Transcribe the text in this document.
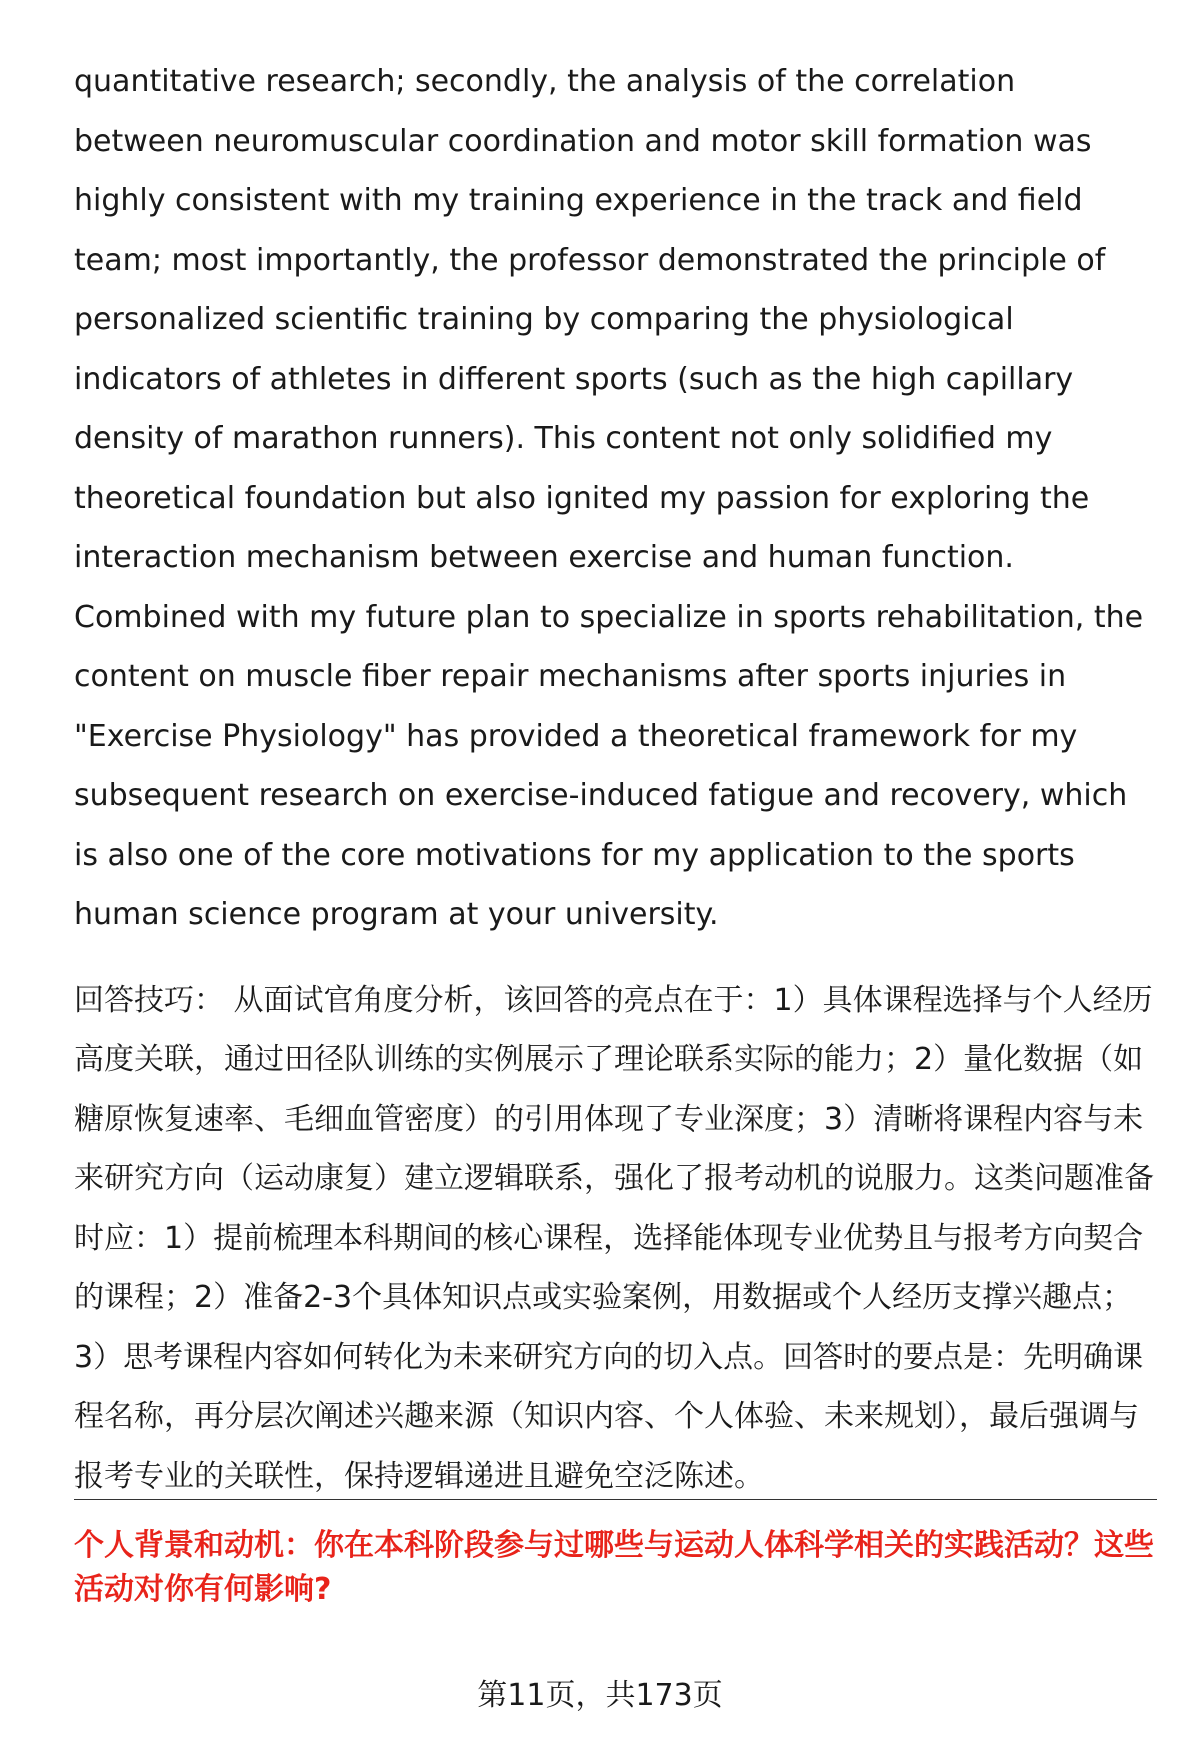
quantitative research; secondly, the analysis of the correlation between neuromuscular coordination and motor skill formation was highly consistent with my training experience in the track and field team; most importantly, the professor demonstrated the principle of personalized scientific training by comparing the physiological indicators of athletes in different sports (such as the high capillary density of marathon runners). This content not only solidified my theoretical foundation but also ignited my passion for exploring the interaction mechanism between exercise and human function. Combined with my future plan to specialize in sports rehabilitation, the content on muscle fiber repair mechanisms after sports injuries in "Exercise Physiology" has provided a theoretical framework for my subsequent research on exercise-induced fatigue and recovery, which is also one of the core motivations for my application to the sports human science program at your university.

回答技巧： 从面试官角度分析，该回答的亮点在于：1）具体课程选择与个人经历高度关联，通过田径队训练的实例展示了理论联系实际的能力；2）量化数据（如糖原恢复速率、毛细血管密度）的引用体现了专业深度；3）清晰将课程内容与未来研究方向（运动康复）建立逻辑联系，强化了报考动机的说服力。这类问题准备时应：1）提前梳理本科期间的核心课程，选择能体现专业优势且与报考方向契合的课程；2）准备2-3个具体知识点或实验案例，用数据或个人经历支撑兴趣点；3）思考课程内容如何转化为未来研究方向的切入点。回答时的要点是：先明确课程名称，再分层次阐述兴趣来源（知识内容、个人体验、未来规划），最后强调与报考专业的关联性，保持逻辑递进且避免空泛陈述。

个人背景和动机：你在本科阶段参与过哪些与运动人体科学相关的实践活动？这些活动对你有何影响?

第11页，共173页
